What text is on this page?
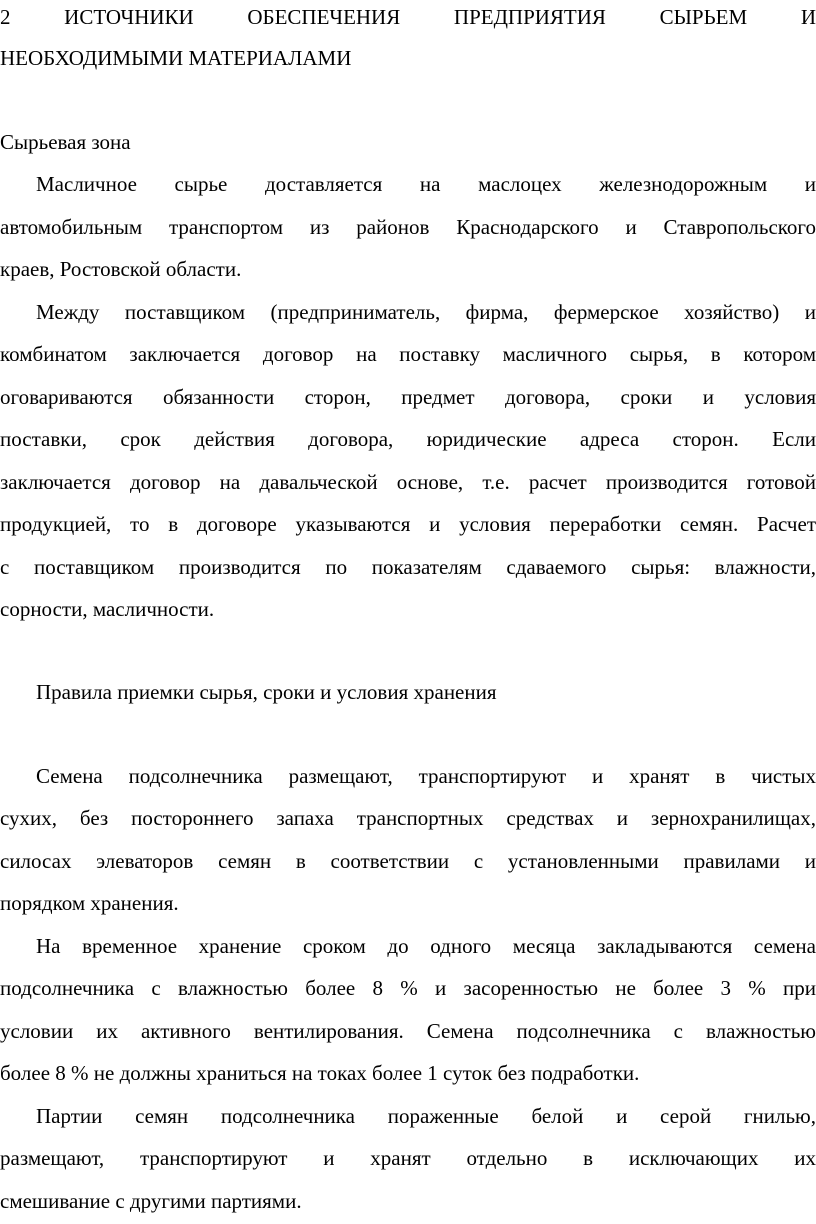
2 ИСТОЧНИКИ ОБЕСПЕЧЕНИЯ ПРЕДПРИЯТИЯ СЫРЬЕМ И
НЕОБХОДИМЫМИ МАТЕРИАЛАМИ
Сырьевая зона
Масличное сырье доставляется на маслоцех железнодорожным и
автомобильным транспортом из районов Краснодарского и Ставропольского
краев, Ростовской области.
Между поставщиком (предприниматель, фирма, фермерское хозяйство) и
комбинатом заключается договор на поставку масличного сырья, в котором
оговариваются обязанности сторон, предмет договора, сроки и условия
поставки, срок действия договора, юридические адреса сторон. Если
заключается договор на давальческой основе, т.е. расчет производится готовой
продукцией, то в договоре указываются и условия переработки семян. Расчет
с поставщиком производится по показателям сдаваемого сырья: влажности,
сорности, масличности.
Правила приемки сырья, сроки и условия хранения
Семена подсолнечника размещают, транспортируют и хранят в чистых
сухих, без постороннего запаха транспортных средствах и зернохранилищах,
силосах элеваторов семян в соответствии с установленными правилами и
порядком хранения.
На временное хранение сроком до одного месяца закладываются семена
подсолнечника с влажностью более 8 % и засоренностью не более 3 % при
условии их активного вентилирования. Семена подсолнечника с влажностью
более 8 % не должны храниться на токах более 1 суток без подработки.
Партии семян подсолнечника пораженные белой и серой гнилью,
размещают, транспортируют и хранят отдельно в исключающих их
смешивание с другими партиями.
